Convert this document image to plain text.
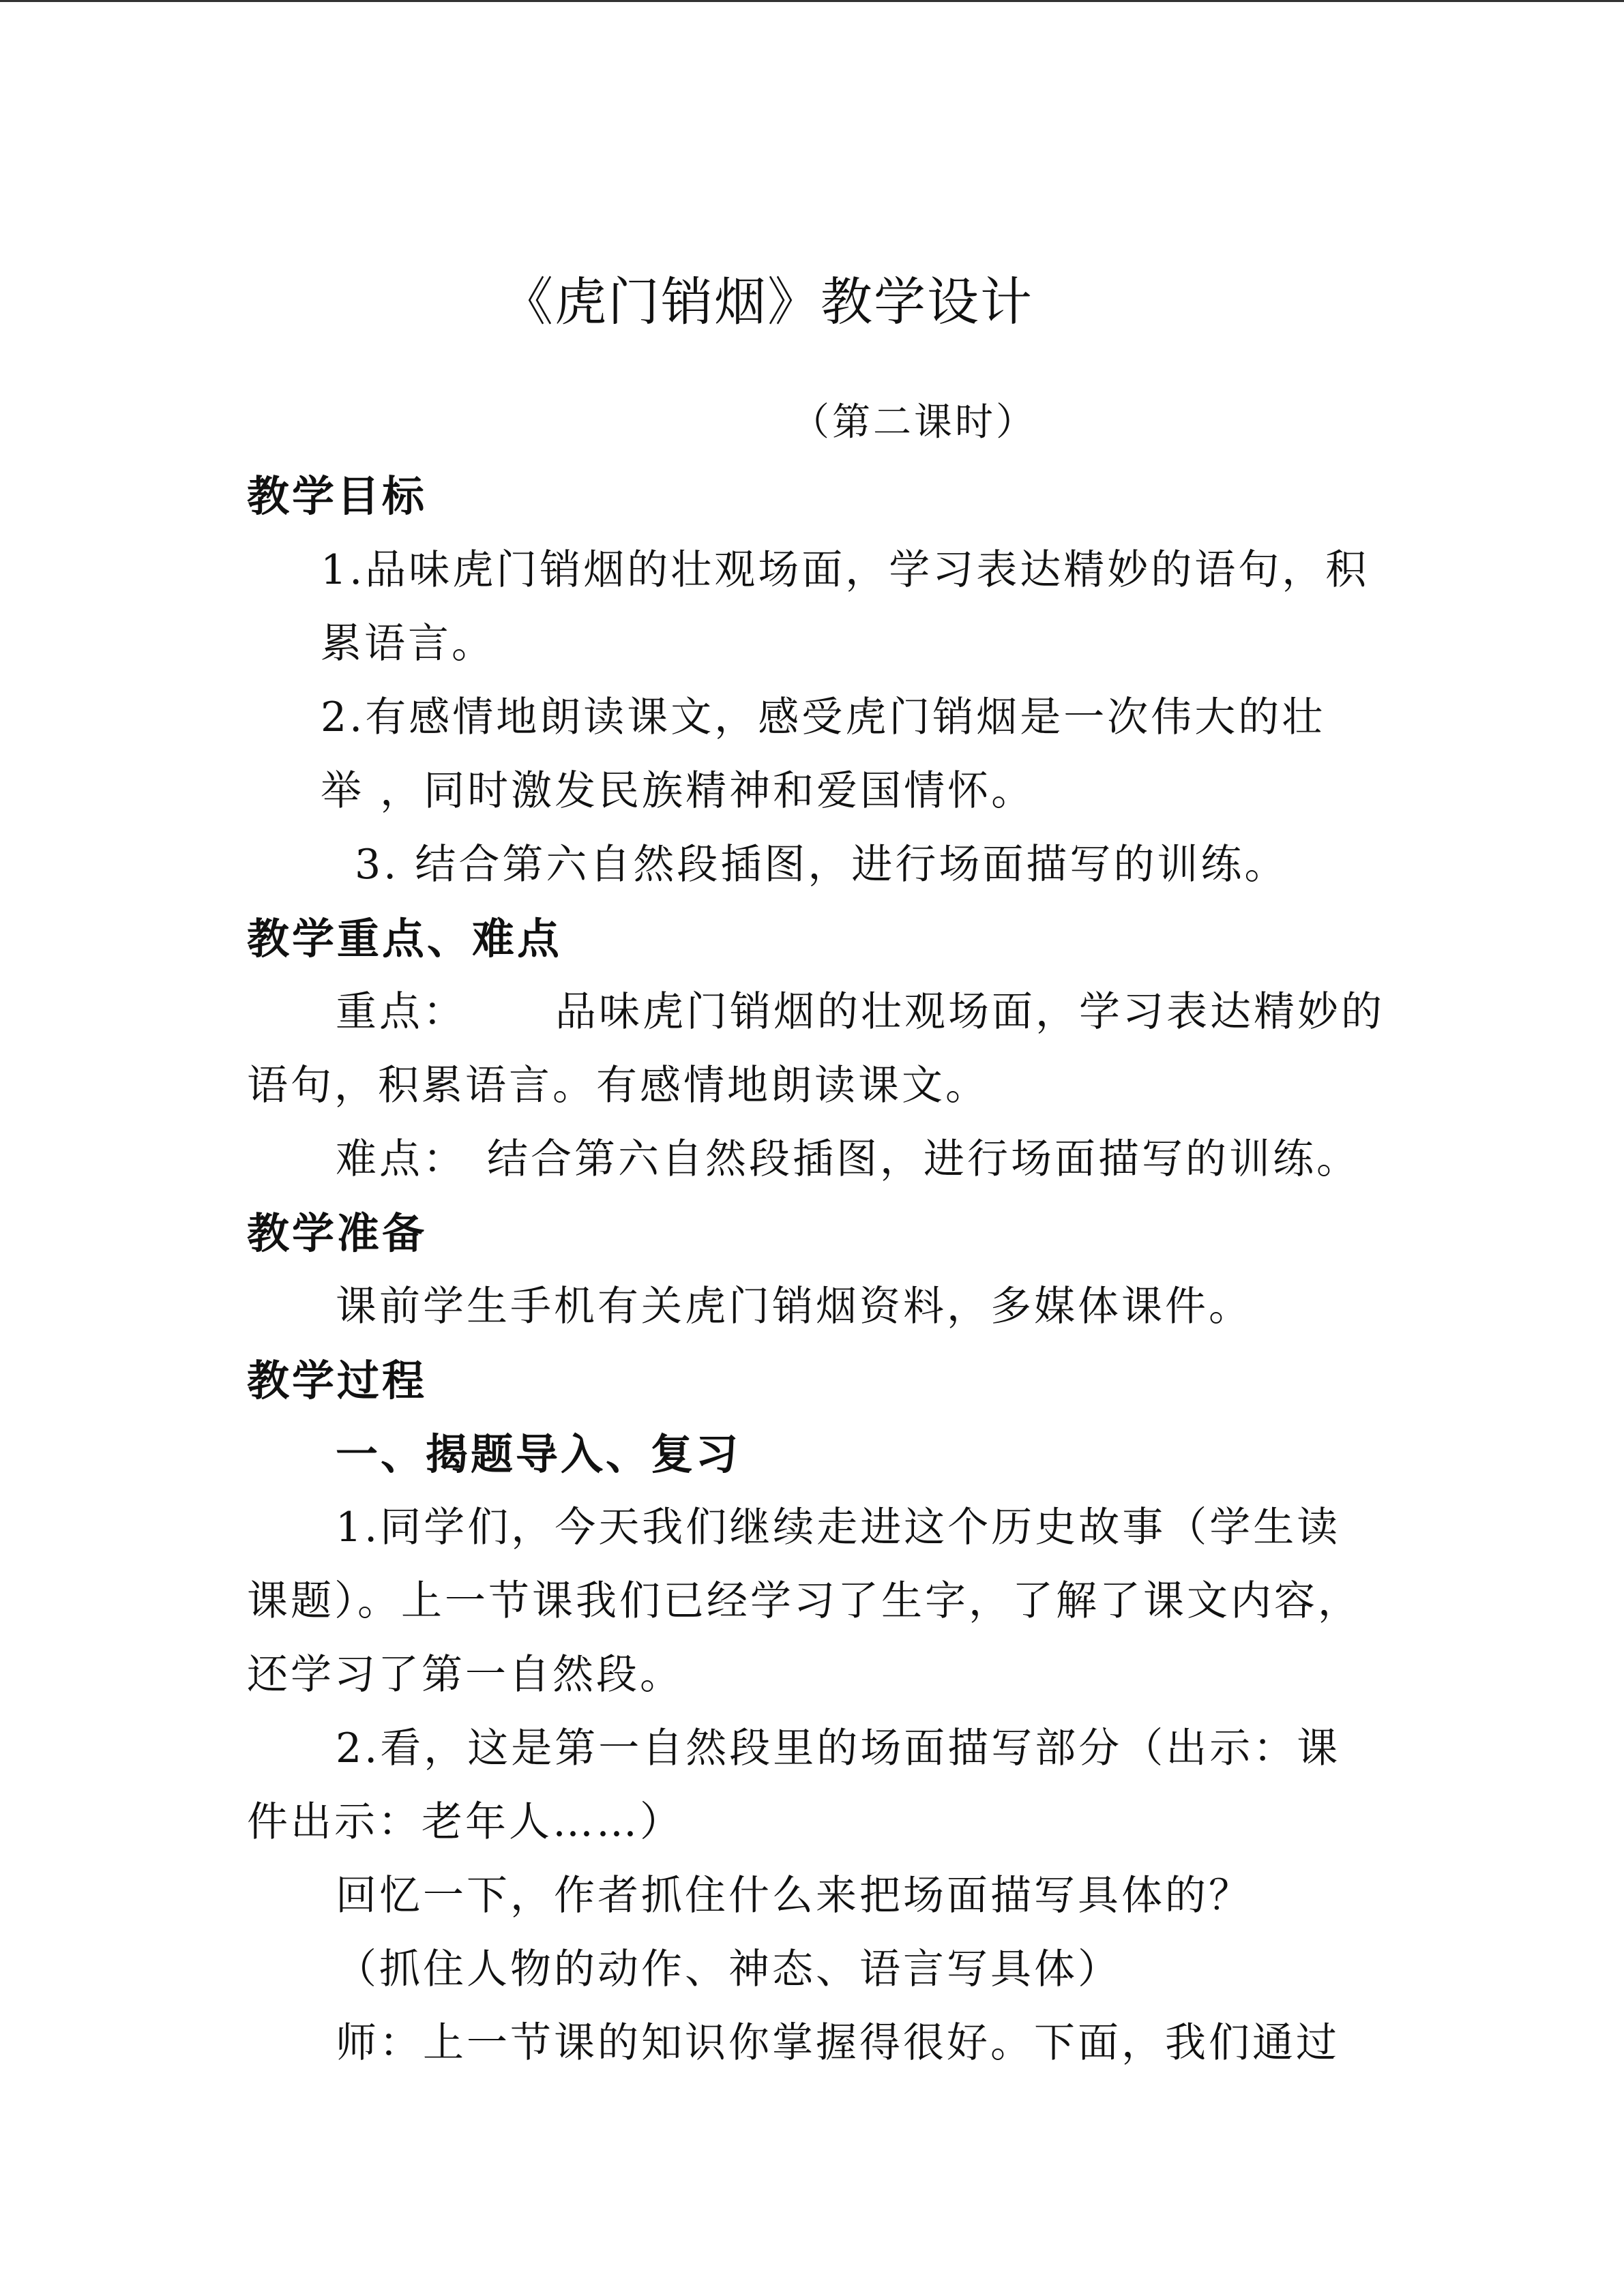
《虎门销烟》教学设计
（第二课时）
教学目标
1.品味虎门销烟的壮观场面，学习表达精妙的语句，积
累语言。
2.有感情地朗读课文，感受虎门销烟是一次伟大的壮
举 ，同时激发民族精神和爱国情怀。
3. 结合第六自然段插图，进行场面描写的训练。
教学重点、难点
重点： 品味虎门销烟的壮观场面，学习表达精妙的
语句，积累语言。有感情地朗读课文。
难点： 结合第六自然段插图，进行场面描写的训练。
教学准备
课前学生手机有关虎门销烟资料，多媒体课件。
教学过程
一、揭题导入、复习
1.同学们，今天我们继续走进这个历史故事（学生读
课题）。上一节课我们已经学习了生字，了解了课文内容，
还学习了第一自然段。
2.看，这是第一自然段里的场面描写部分（出示：课
件出示：老年人……）
回忆一下，作者抓住什么来把场面描写具体的？
（抓住人物的动作、神态、语言写具体）
师：上一节课的知识你掌握得很好。下面，我们通过
